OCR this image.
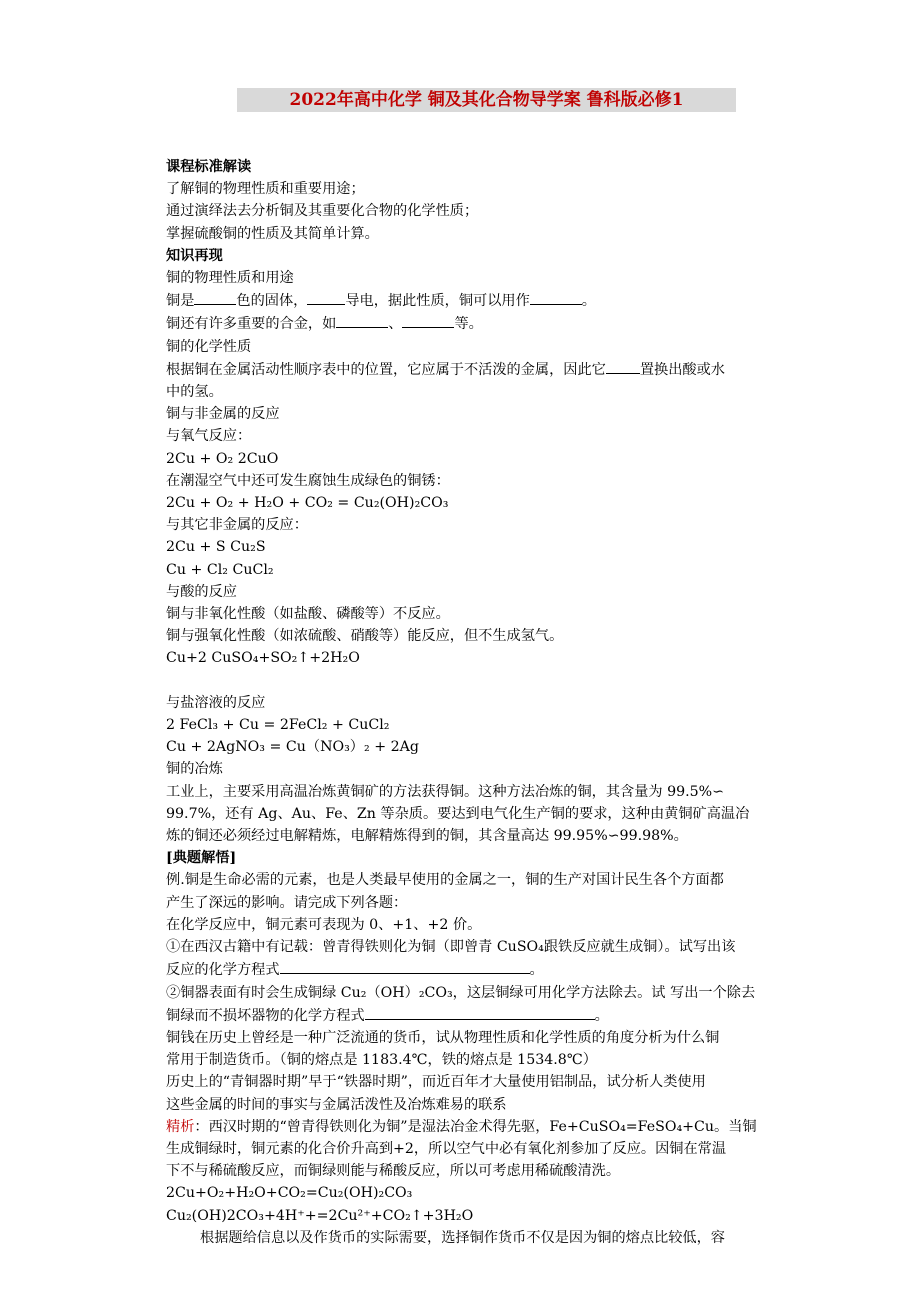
2022年高中化学 铜及其化合物导学案 鲁科版必修1
课程标准解读
了解铜的物理性质和重要用途；
通过演绎法去分析铜及其重要化合物的化学性质；
掌握硫酸铜的性质及其简单计算。
知识再现
铜的物理性质和用途
铜是	色的固体，	导电，据此性质，铜可以用作	。
铜还有许多重要的合金，如	、	等。
铜的化学性质
根据铜在金属活动性顺序表中的位置，它应属于不活泼的金属，因此它 置换出酸或水
中的氢。
铜与非金属的反应
与氧气反应：
2Cu + O₂ 2CuO
在潮湿空气中还可发生腐蚀生成绿色的铜锈：
2Cu + O₂ + H₂O + CO₂ = Cu₂(OH)₂CO₃
与其它非金属的反应：
2Cu + S Cu₂S
Cu + Cl₂ CuCl₂
与酸的反应
铜与非氧化性酸（如盐酸、磷酸等）不反应。
铜与强氧化性酸（如浓硫酸、硝酸等）能反应，但不生成氢气。
Cu+2 CuSO₄+SO₂↑+2H₂O
与盐溶液的反应
2 FeCl₃ + Cu = 2FeCl₂ + CuCl₂
Cu + 2AgNO₃ = Cu（NO₃）₂ + 2Ag
铜的冶炼
工业上，主要采用高温冶炼黄铜矿的方法获得铜。这种方法冶炼的铜，其含量为 99.5%∽
99.7%，还有 Ag、Au、Fe、Zn 等杂质。要达到电气化生产铜的要求，这种由黄铜矿高温冶
炼的铜还必须经过电解精炼，电解精炼得到的铜，其含量高达 99.95%∽99.98%。
[典题解悟]
例.铜是生命必需的元素，也是人类最早使用的金属之一，铜的生产对国计民生各个方面都
产生了深远的影响。请完成下列各题：
在化学反应中，铜元素可表现为 0、+1、+2 价。
①在西汉古籍中有记载：曾青得铁则化为铜（即曾青 CuSO₄跟铁反应就生成铜）。试写出该
反应的化学方程式	。
②铜器表面有时会生成铜绿 Cu₂（OH）₂CO₃，这层铜绿可用化学方法除去。试 写出一个除去
铜绿而不损坏器物的化学方程式	。
铜钱在历史上曾经是一种广泛流通的货币，试从物理性质和化学性质的角度分析为什么铜
常用于制造货币。（铜的熔点是 1183.4℃，铁的熔点是 1534.8℃）
历史上的“青铜器时期”早于“铁器时期”，而近百年才大量使用铝制品，试分析人类使用
这些金属的时间的事实与金属活泼性及冶炼难易的联系
精析：西汉时期的“曾青得铁则化为铜”是湿法冶金术得先驱，Fe+CuSO₄=FeSO₄+Cu。当铜
生成铜绿时，铜元素的化合价升高到+2，所以空气中必有氧化剂参加了反应。因铜在常温
下不与稀硫酸反应，而铜绿则能与稀酸反应，所以可考虑用稀硫酸清洗。
2Cu+O₂+H₂O+CO₂=Cu₂(OH)₂CO₃
Cu₂(OH)2CO₃+4H⁺+=2Cu²⁺+CO₂↑+3H₂O
根据题给信息以及作货币的实际需要，选择铜作货币不仅是因为铜的熔点比较低，容
